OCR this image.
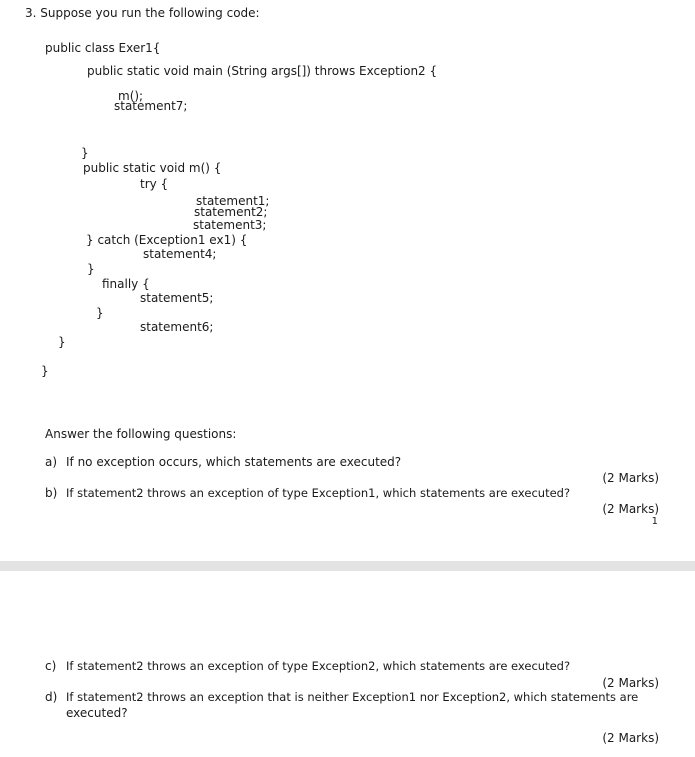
3. Suppose you run the following code:
public class Exer1{
public static void main (String args[]) throws Exception2 {
m();
statement7;
}
public static void m() {
try {
statement1;
statement2;
statement3;
} catch (Exception1 ex1) {
statement4;
}
finally {
statement5;
}
statement6;
}
}
Answer the following questions:
a) If no exception occurs, which statements are executed?
(2 Marks)
b) If statement2 throws an exception of type Exception1, which statements are executed?
(2 Marks)
1
c) If statement2 throws an exception of type Exception2, which statements are executed?
(2 Marks)
d) If statement2 throws an exception that is neither Exception1 nor Exception2, which statements are
executed?
(2 Marks)
